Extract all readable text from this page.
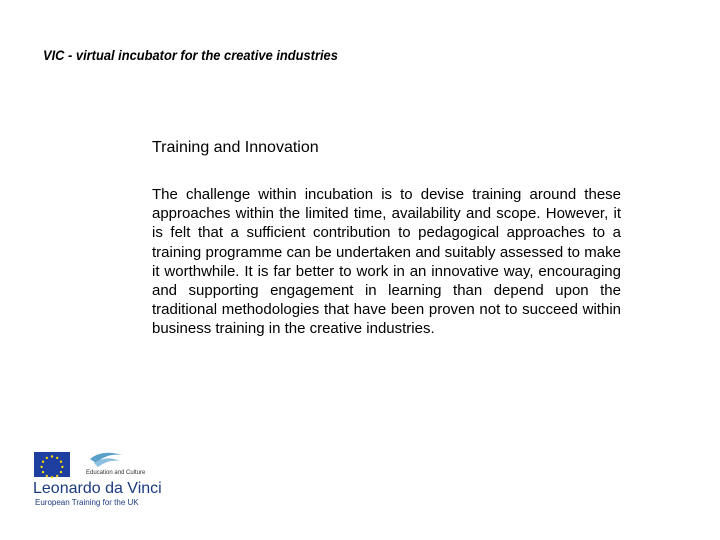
VIC - virtual incubator for the creative industries
Training and Innovation
The challenge within incubation is to devise training around these approaches within the limited time, availability and scope. However, it is felt that a sufficient contribution to pedagogical approaches to a training programme can be undertaken and suitably assessed to make it worthwhile. It is far better to work in an innovative way, encouraging and supporting engagement in learning than depend upon the traditional methodologies that have been proven not to succeed within business training in the creative industries.
Education and Culture
Leonardo da Vinci
European Training for the UK
